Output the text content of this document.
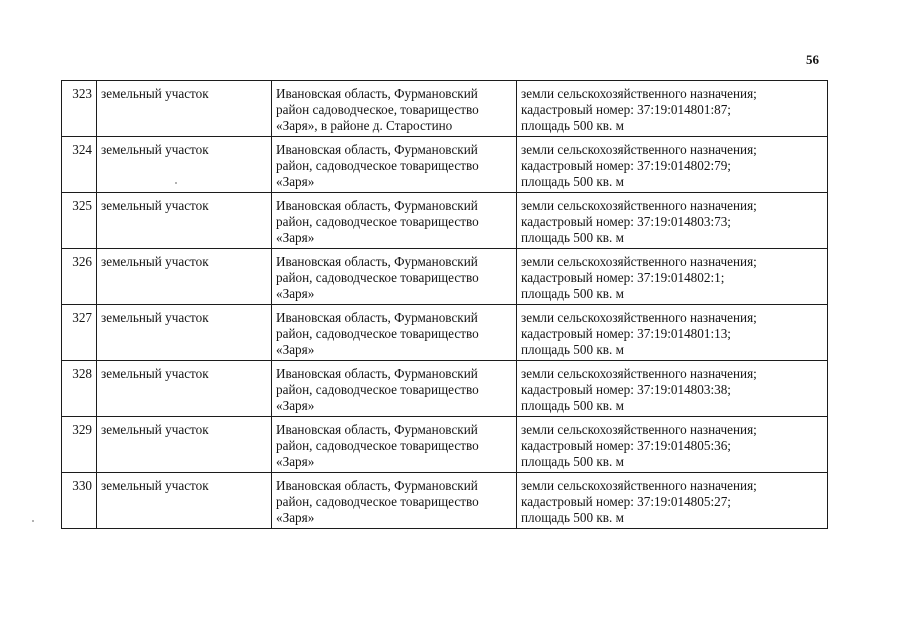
56
323	земельный участок	Ивановская область, Фурмановский
район садоводческое, товарищество
«Заря», в районе д. Старостино	земли сельскохозяйственного назначения;
кадастровый номер: 37:19:014801:87;
площадь 500 кв. м

324	земельный участок	Ивановская область, Фурмановский
район, садоводческое товарищество
«Заря»	земли сельскохозяйственного назначения;
кадастровый номер: 37:19:014802:79;
площадь 500 кв. м

325	земельный участок	Ивановская область, Фурмановский
район, садоводческое товарищество
«Заря»	земли сельскохозяйственного назначения;
кадастровый номер: 37:19:014803:73;
площадь 500 кв. м

326	земельный участок	Ивановская область, Фурмановский
район, садоводческое товарищество
«Заря»	земли сельскохозяйственного назначения;
кадастровый номер: 37:19:014802:1;
площадь 500 кв. м

327	земельный участок	Ивановская область, Фурмановский
район, садоводческое товарищество
«Заря»	земли сельскохозяйственного назначения;
кадастровый номер: 37:19:014801:13;
площадь 500 кв. м

328	земельный участок	Ивановская область, Фурмановский
район, садоводческое товарищество
«Заря»	земли сельскохозяйственного назначения;
кадастровый номер: 37:19:014803:38;
площадь 500 кв. м

329	земельный участок	Ивановская область, Фурмановский
район, садоводческое товарищество
«Заря»	земли сельскохозяйственного назначения;
кадастровый номер: 37:19:014805:36;
площадь 500 кв. м

330	земельный участок	Ивановская область, Фурмановский
район, садоводческое товарищество
«Заря»	земли сельскохозяйственного назначения;
кадастровый номер: 37:19:014805:27;
площадь 500 кв. м
